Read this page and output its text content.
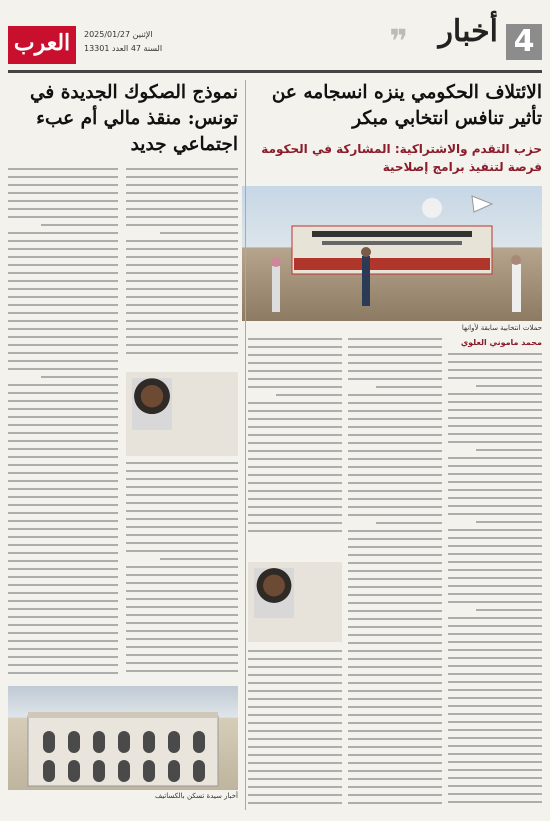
4
أخبار
❞
العرب	الإثنين 2025/01/27
السنة 47 العدد 13301
الائتلاف الحكومي ينزه انسجامه عن تأثير تنافس انتخابي مبكر
حزب التقدم والاشتراكية: المشاركة في الحكومة فرصة لتنفيذ برامج إصلاحية
حملات انتخابية سابقة لأوانها
محمد ماموني العلوي
نموذج الصكوك الجديدة في تونس: منقذ مالي أم عبء اجتماعي جديد
أخبار سيدة تسكن بالكساتيف
